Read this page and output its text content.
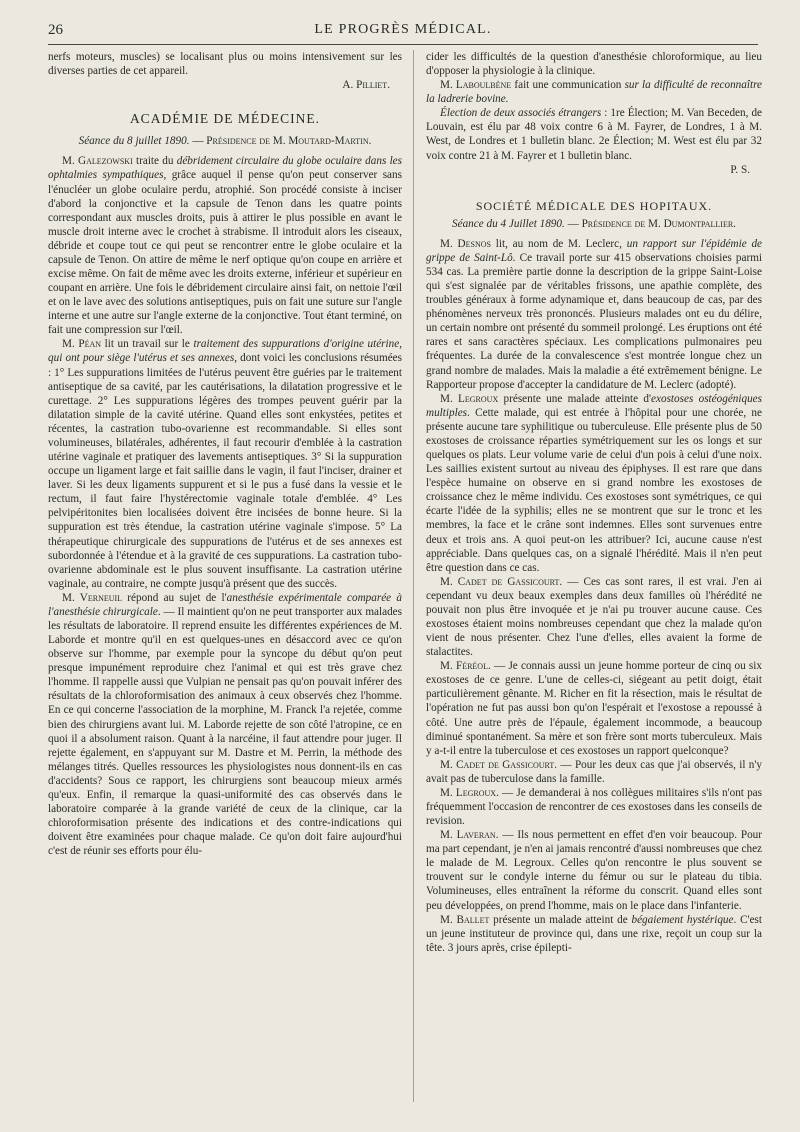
26	LE PROGRÈS MÉDICAL.

nerfs moteurs, muscles) se localisant plus ou moins intensivement sur les diverses parties de cet appareil.

A. Pilliet.

ACADÉMIE DE MÉDECINE.

Séance du 8 juillet 1890. — Présidence de M. Moutard-Martin.

M. Galezowski traite du débridement circulaire du globe oculaire dans les ophtalmies sympathiques, grâce auquel il pense qu'on peut conserver sans l'énucléer un globe oculaire perdu, atrophié. Son procédé consiste à inciser d'abord la conjonctive et la capsule de Tenon dans les quatre points correspondant aux muscles droits, puis à attirer le plus possible en avant le muscle droit interne avec le crochet à strabisme. Il introduit alors les ciseaux, débride et coupe tout ce qui peut se rencontrer entre le globe oculaire et la capsule de Tenon. On attire de même le nerf optique qu'on coupe en arrière et excise même. On fait de même avec les droits externe, inférieur et supérieur en coupant en arrière. Une fois le débridement circulaire ainsi fait, on nettoie l'œil et on le lave avec des solutions antiseptiques, puis on fait une suture sur l'angle interne et une autre sur l'angle externe de la conjonctive. Tout étant terminé, on fait une compression sur l'œil.

M. Péan lit un travail sur le traitement des suppurations d'origine utérine, qui ont pour siège l'utérus et ses annexes, dont voici les conclusions résumées : 1° Les suppurations limitées de l'utérus peuvent être guéries par le traitement antiseptique de sa cavité, par les cautérisations, la dilatation progressive et le curettage. 2° Les suppurations légères des trompes peuvent guérir par la dilatation simple de la cavité utérine. Quand elles sont enkystées, petites et récentes, la castration tubo-ovarienne est recommandable. Si elles sont volumineuses, bilatérales, adhérentes, il faut recourir d'emblée à la castration utérine vaginale et pratiquer des lavements antiseptiques. 3° Si la suppuration occupe un ligament large et fait saillie dans le vagin, il faut l'inciser, drainer et laver. Si les deux ligaments suppurent et si le pus a fusé dans la vessie et le rectum, il faut faire l'hystérectomie vaginale totale d'emblée. 4° Les pelvipéritonites bien localisées doivent être incisées de bonne heure. Si la suppuration est très étendue, la castration utérine vaginale s'impose. 5° La thérapeutique chirurgicale des suppurations de l'utérus et de ses annexes est subordonnée à l'étendue et à la gravité de ces suppurations. La castration tubo-ovarienne abdominale est le plus souvent insuffisante. La castration utérine vaginale, au contraire, ne compte jusqu'à présent que des succès.

M. Verneuil répond au sujet de l'anesthésie expérimentale comparée à l'anesthésie chirurgicale. — Il maintient qu'on ne peut transporter aux malades les résultats de laboratoire. Il reprend ensuite les différentes expériences de M. Laborde et montre qu'il en est quelques-unes en désaccord avec ce qu'on observe sur l'homme, par exemple pour la syncope du début qu'on peut presque impunément reproduire chez l'animal et qui est très grave chez l'homme. Il rappelle aussi que Vulpian ne pensait pas qu'on pouvait inférer des résultats de la chloroformisation des animaux à ceux observés chez l'homme. En ce qui concerne l'association de la morphine, M. Franck l'a rejetée, comme bien des chirurgiens avant lui. M. Laborde rejette de son côté l'atropine, ce en quoi il a absolument raison. Quant à la narcéine, il faut attendre pour juger. Il rejette également, en s'appuyant sur M. Dastre et M. Perrin, la méthode des mélanges titrés. Quelles ressources les physiologistes nous donnent-ils en cas d'accidents? Sous ce rapport, les chirurgiens sont beaucoup mieux armés qu'eux. Enfin, il remarque la quasi-uniformité des cas observés dans le laboratoire comparée à la grande variété de ceux de la clinique, car la chloroformisation présente des indications et des contre-indications qui doivent être examinées pour chaque malade. Ce qu'on doit faire aujourd'hui c'est de réunir ses efforts pour élu-

cider les difficultés de la question d'anesthésie chloroformique, au lieu d'opposer la physiologie à la clinique.

M. Laboulbène fait une communication sur la difficulté de reconnaître la ladrerie bovine.

Élection de deux associés étrangers : 1re Élection; M. Van Beceden, de Louvain, est élu par 48 voix contre 6 à M. Fayrer, de Londres, 1 à M. West, de Londres et 1 bulletin blanc. 2e Élection; M. West est élu par 32 voix contre 21 à M. Fayrer et 1 bulletin blanc.

P. S.

SOCIÉTÉ MÉDICALE DES HOPITAUX.

Séance du 4 Juillet 1890. — Présidence de M. Dumontpallier.

M. Desnos lit, au nom de M. Leclerc, un rapport sur l'épidémie de grippe de Saint-Lô. Ce travail porte sur 415 observations choisies parmi 534 cas. La première partie donne la description de la grippe Saint-Loise qui s'est signalée par de véritables frissons, une apathie complète, des troubles généraux à forme adynamique et, dans beaucoup de cas, par des phénomènes nerveux très prononcés. Plusieurs malades ont eu du délire, un certain nombre ont présenté du sommeil prolongé. Les éruptions ont été rares et sans caractères spéciaux. Les complications pulmonaires peu fréquentes. La durée de la convalescence s'est montrée longue chez un grand nombre de malades. Mais la maladie a été extrêmement bénigne. Le Rapporteur propose d'accepter la candidature de M. Leclerc (adopté).

M. Legroux présente une malade atteinte d'exostoses ostéogéniques multiples. Cette malade, qui est entrée à l'hôpital pour une chorée, ne présente aucune tare syphilitique ou tuberculeuse. Elle présente plus de 50 exostoses de croissance réparties symétriquement sur les os longs et sur quelques os plats. Leur volume varie de celui d'un pois à celui d'une noix. Les saillies existent surtout au niveau des épiphyses. Il est rare que dans l'espèce humaine on observe en si grand nombre les exostoses de croissance chez le même individu. Ces exostoses sont symétriques, ce qui écarte l'idée de la syphilis; elles ne se montrent que sur le tronc et les membres, la face et le crâne sont indemnes. Elles sont survenues entre deux et trois ans. A quoi peut-on les attribuer? Ici, aucune cause n'est appréciable. Dans quelques cas, on a signalé l'hérédité. Mais il n'en peut être question dans ce cas.

M. Cadet de Gassicourt. — Ces cas sont rares, il est vrai. J'en ai cependant vu deux beaux exemples dans deux familles où l'hérédité ne pouvait non plus être invoquée et je n'ai pu trouver aucune cause. Ces exostoses étaient moins nombreuses cependant que chez la malade qu'on vient de nous présenter. Chez l'une d'elles, elles avaient la forme de stalactites.

M. Féréol. — Je connais aussi un jeune homme porteur de cinq ou six exostoses de ce genre. L'une de celles-ci, siégeant au petit doigt, était particulièrement gênante. M. Richer en fit la résection, mais le résultat de l'opération ne fut pas aussi bon qu'on l'espérait et l'exostose a repoussé à côté. Une autre près de l'épaule, également incommode, a beaucoup diminué spontanément. Sa mère et son frère sont morts tuberculeux. Mais y a-t-il entre la tuberculose et ces exostoses un rapport quelconque?

M. Cadet de Gassicourt. — Pour les deux cas que j'ai observés, il n'y avait pas de tuberculose dans la famille.

M. Legroux. — Je demanderai à nos collègues militaires s'ils n'ont pas fréquemment l'occasion de rencontrer de ces exostoses dans les conseils de revision.

M. Laveran. — Ils nous permettent en effet d'en voir beaucoup. Pour ma part cependant, je n'en ai jamais rencontré d'aussi nombreuses que chez le malade de M. Legroux. Celles qu'on rencontre le plus souvent se trouvent sur le condyle interne du fémur ou sur le plateau du tibia. Volumineuses, elles entraînent la réforme du conscrit. Quand elles sont peu développées, on prend l'homme, mais on le place dans l'infanterie.

M. Ballet présente un malade atteint de bégaiement hystérique. C'est un jeune instituteur de province qui, dans une rixe, reçoit un coup sur la tête. 3 jours après, crise épilepti-
